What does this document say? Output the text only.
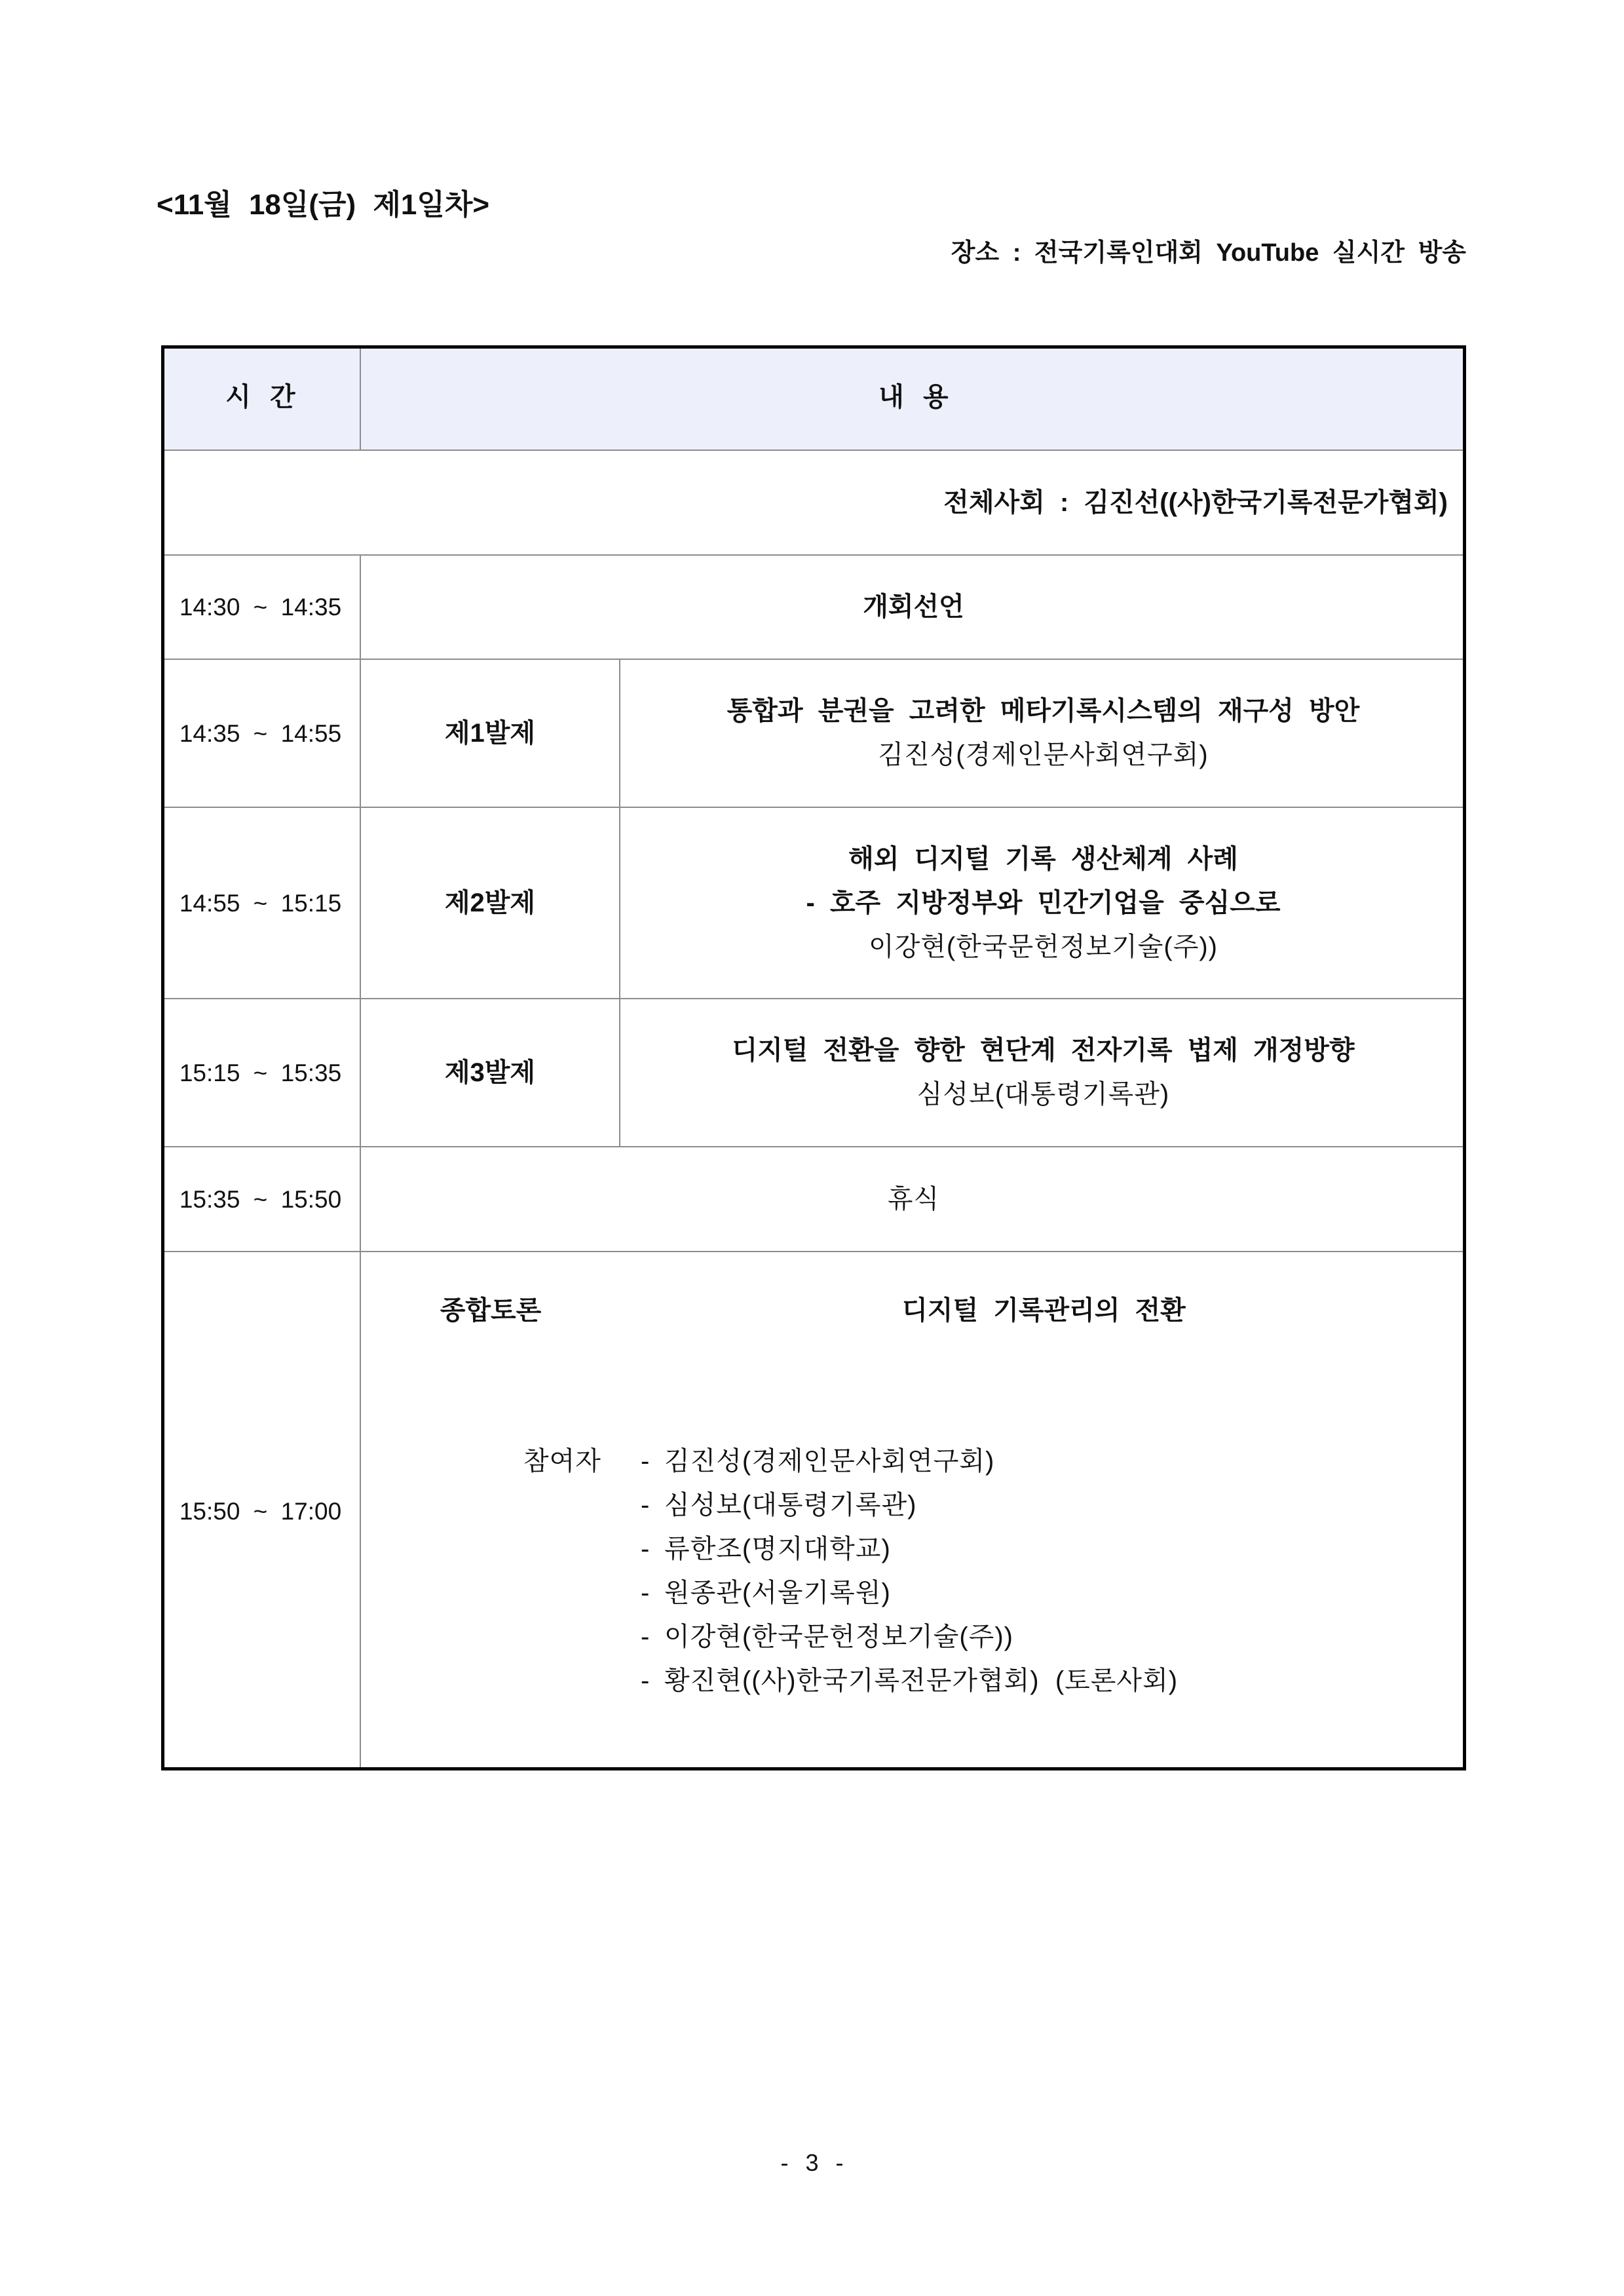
<11월 18일(금) 제1일차>
장소 : 전국기록인대회 YouTube 실시간 방송
시 간	내 용
전체사회 : 김진선((사)한국기록전문가협회)
14:30 ~ 14:35	개회선언
14:35 ~ 14:55	제1발제
통합과 분권을 고려한 메타기록시스템의 재구성 방안
김진성(경제인문사회연구회)
14:55 ~ 15:15	제2발제
해외 디지털 기록 생산체계 사례
- 호주 지방정부와 민간기업을 중심으로
이강현(한국문헌정보기술(주))
15:15 ~ 15:35	제3발제
디지털 전환을 향한 현단계 전자기록 법제 개정방향
심성보(대통령기록관)
15:35 ~ 15:50	휴식
15:50 ~ 17:00
종합토론	디지털 기록관리의 전환
참여자 - 김진성(경제인문사회연구회)
- 심성보(대통령기록관)
- 류한조(명지대학교)
- 원종관(서울기록원)
- 이강현(한국문헌정보기술(주))
- 황진현((사)한국기록전문가협회)  (토론사회)
- 3 -
